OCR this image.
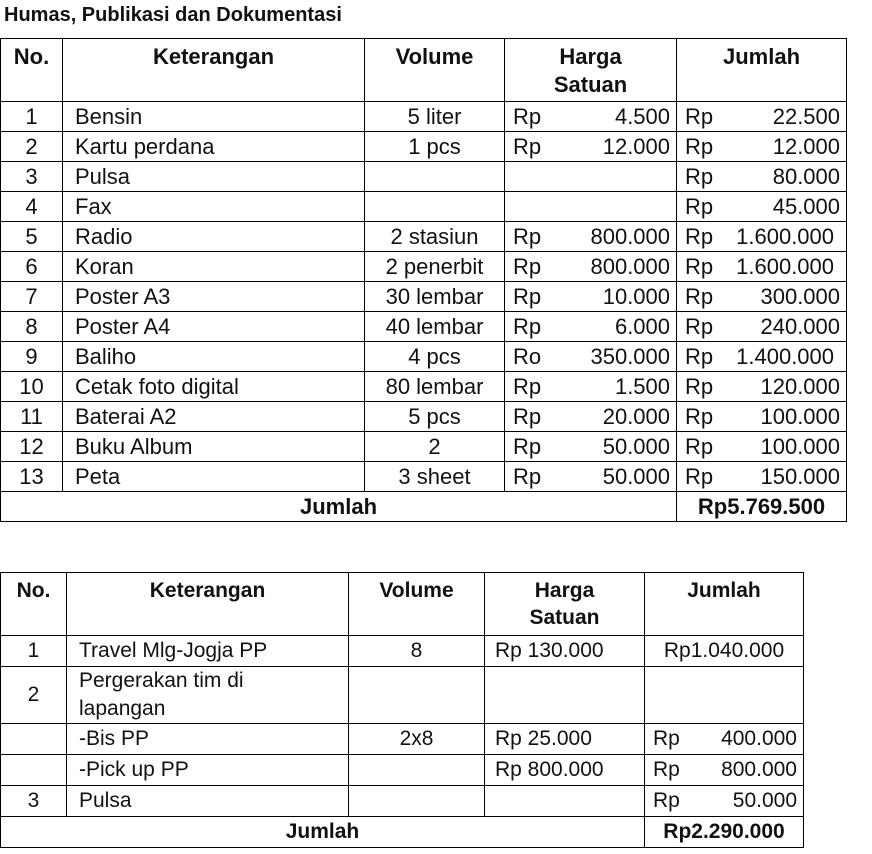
Humas, Publikasi dan Dokumentasi
No.	Keterangan	Volume	Harga Satuan		Jumlah	
1	Bensin	5 liter	Rp	4.500	Rp	22.500
2	Kartu perdana	1 pcs	Rp	12.000	Rp	12.000
3	Pulsa				Rp	80.000
4	Fax				Rp	45.000
5	Radio	2 stasiun	Rp	800.000	Rp	1.600.000
6	Koran	2 penerbit	Rp	800.000	Rp	1.600.000
7	Poster A3	30 lembar	Rp	10.000	Rp	300.000
8	Poster A4	40 lembar	Rp	6.000	Rp	240.000
9	Baliho	4 pcs	Ro	350.000	Rp	1.400.000
10	Cetak foto digital	80 lembar	Rp	1.500	Rp	120.000
11	Baterai A2	5 pcs	Rp	20.000	Rp	100.000
12	Buku Album	2	Rp	50.000	Rp	100.000
13	Peta	3 sheet	Rp	50.000	Rp	150.000
Jumlah					Rp5.769.500	
No.	Keterangan	Volume	Harga Satuan	Jumlah	
1	Travel Mlg-Jogja PP	8	Rp 130.000	Rp1.040.000	
2	Pergerakan tim di lapangan				
	-Bis PP	2x8	Rp 25.000	Rp	400.000
	-Pick up PP		Rp 800.000	Rp	800.000
3	Pulsa			Rp	50.000
Jumlah				Rp2.290.000	
